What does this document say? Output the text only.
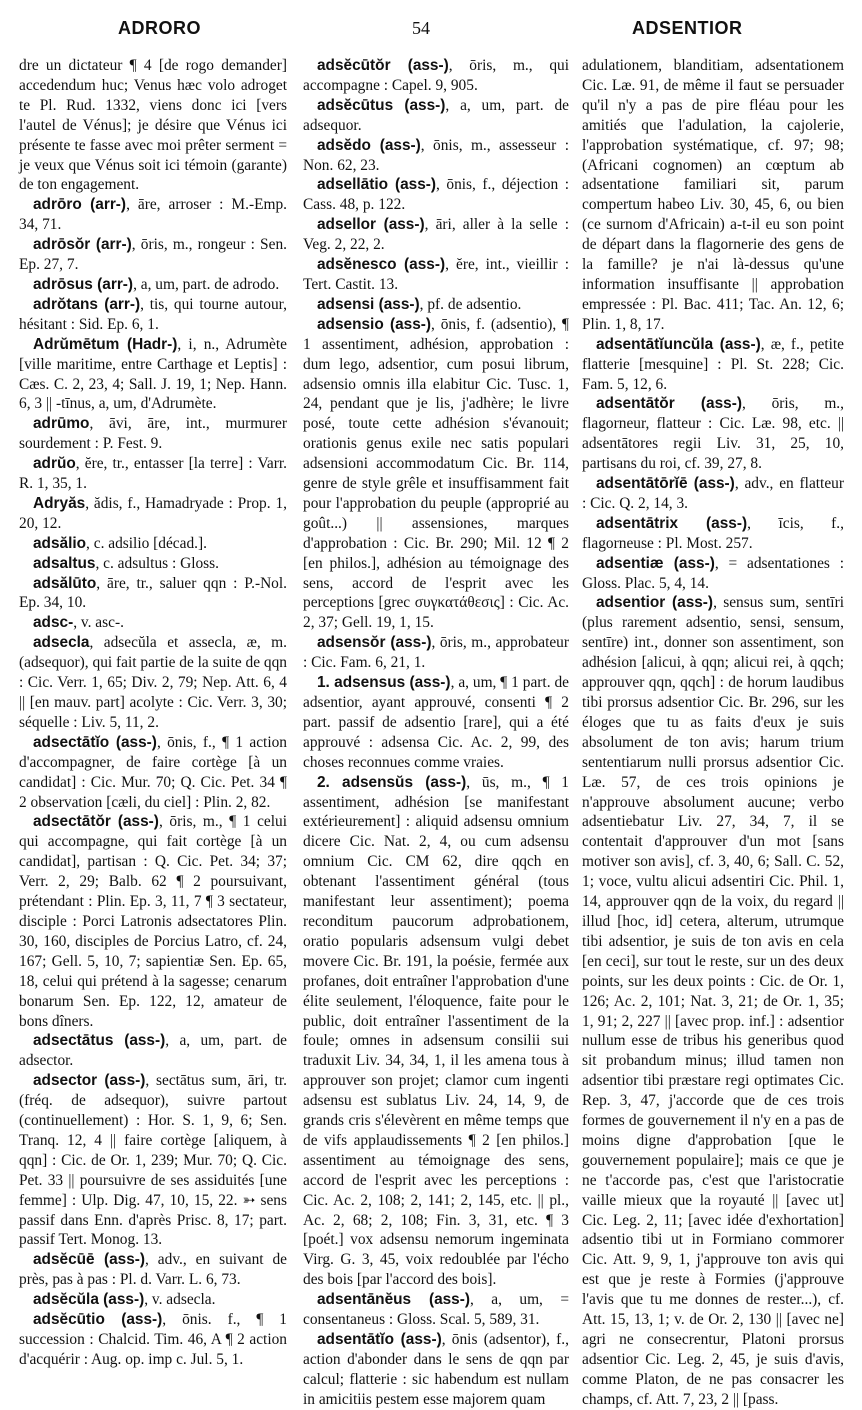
ADRORO	54	ADSENTIOR

dre un dictateur ¶ 4 [de rogo demander] accedendum huc; Venus hæc volo adroget te Pl. Rud. 1332, viens donc ici [vers l'autel de Vénus]; je désire que Vénus ici présente te fasse avec moi prêter serment = je veux que Vénus soit ici témoin (garante) de ton engagement.

adrōro (arr-), āre, arroser : M.-Emp. 34, 71.

adrōsŏr (arr-), ōris, m., rongeur : Sen. Ep. 27, 7.

adrōsus (arr-), a, um, part. de adrodo.

adrŏtans (arr-), tis, qui tourne autour, hésitant : Sid. Ep. 6, 1.

Adrŭmētum (Hadr-), i, n., Adrumète [ville maritime, entre Carthage et Leptis] : Cæs. C. 2, 23, 4; Sall. J. 19, 1; Nep. Hann. 6, 3 || -tīnus, a, um, d'Adrumète.

adrūmo, āvi, āre, int., murmurer sourdement : P. Fest. 9.

adrŭo, ĕre, tr., entasser [la terre] : Varr. R. 1, 35, 1.

Adryăs, ădis, f., Hamadryade : Prop. 1, 20, 12.

adsălio, c. adsilio [décad.].

adsaltus, c. adsultus : Gloss.

adsălūto, āre, tr., saluer qqn : P.-Nol. Ep. 34, 10.

adsc-, v. asc-.

adsecla, adsecŭla et assecla, æ, m. (adsequor), qui fait partie de la suite de qqn : Cic. Verr. 1, 65; Div. 2, 79; Nep. Att. 6, 4 || [en mauv. part] acolyte : Cic. Verr. 3, 30; séquelle : Liv. 5, 11, 2.

adsectātĭo (ass-), ōnis, f., ¶ 1 action d'accompagner, de faire cortège [à un candidat] : Cic. Mur. 70; Q. Cic. Pet. 34 ¶ 2 observation [cæli, du ciel] : Plin. 2, 82.

adsectātŏr (ass-), ōris, m., ¶ 1 celui qui accompagne, qui fait cortège [à un candidat], partisan : Q. Cic. Pet. 34; 37; Verr. 2, 29; Balb. 62 ¶ 2 poursuivant, prétendant : Plin. Ep. 3, 11, 7 ¶ 3 sectateur, disciple : Porci Latronis adsectatores Plin. 30, 160, disciples de Porcius Latro, cf. 24, 167; Gell. 5, 10, 7; sapientiæ Sen. Ep. 65, 18, celui qui prétend à la sagesse; cenarum bonarum Sen. Ep. 122, 12, amateur de bons dîners.

adsectātus (ass-), a, um, part. de adsector.

adsector (ass-), sectātus sum, āri, tr. (fréq. de adsequor), suivre partout (continuellement) : Hor. S. 1, 9, 6; Sen. Tranq. 12, 4 || faire cortège [aliquem, à qqn] : Cic. de Or. 1, 239; Mur. 70; Q. Cic. Pet. 33 || poursuivre de ses assiduités [une femme] : Ulp. Dig. 47, 10, 15, 22. ➳ sens passif dans Enn. d'après Prisc. 8, 17; part. passif Tert. Monog. 13.

adsĕcūē (ass-), adv., en suivant de près, pas à pas : Pl. d. Varr. L. 6, 73.

adsĕcŭla (ass-), v. adsecla.

adsĕcūtio (ass-), ōnis. f., ¶ 1 succession : Chalcid. Tim. 46, A ¶ 2 action d'acquérir : Aug. op. imp c. Jul. 5, 1.

adsĕcūtŏr (ass-), ōris, m., qui accompagne : Capel. 9, 905.

adsĕcūtus (ass-), a, um, part. de adsequor.

adsĕdo (ass-), ōnis, m., assesseur : Non. 62, 23.

adsellātio (ass-), ōnis, f., déjection : Cass. 48, p. 122.

adsellor (ass-), āri, aller à la selle : Veg. 2, 22, 2.

adsĕnesco (ass-), ĕre, int., vieillir : Tert. Castit. 13.

adsensi (ass-), pf. de adsentio.

adsensio (ass-), ōnis, f. (adsentio), ¶ 1 assentiment, adhésion, approbation : dum lego, adsentior, cum posui librum, adsensio omnis illa elabitur Cic. Tusc. 1, 24, pendant que je lis, j'adhère; le livre posé, toute cette adhésion s'évanouit; orationis genus exile nec satis populari adsensioni accommodatum Cic. Br. 114, genre de style grêle et insuffisamment fait pour l'approbation du peuple (approprié au goût...) || assensiones, marques d'approbation : Cic. Br. 290; Mil. 12 ¶ 2 [en philos.], adhésion au témoignage des sens, accord de l'esprit avec les perceptions [grec συγκατάθεσις] : Cic. Ac. 2, 37; Gell. 19, 1, 15.

adsensŏr (ass-), ōris, m., approbateur : Cic. Fam. 6, 21, 1.

1. adsensus (ass-), a, um, ¶ 1 part. de adsentior, ayant approuvé, consenti ¶ 2 part. passif de adsentio [rare], qui a été approuvé : adsensa Cic. Ac. 2, 99, des choses reconnues comme vraies.

2. adsensŭs (ass-), ūs, m., ¶ 1 assentiment, adhésion [se manifestant extérieurement] : aliquid adsensu omnium dicere Cic. Nat. 2, 4, ou cum adsensu omnium Cic. CM 62, dire qqch en obtenant l'assentiment général (tous manifestant leur assentiment); poema reconditum paucorum adprobationem, oratio popularis adsensum vulgi debet movere Cic. Br. 191, la poésie, fermée aux profanes, doit entraîner l'approbation d'une élite seulement, l'éloquence, faite pour le public, doit entraîner l'assentiment de la foule; omnes in adsensum consilii sui traduxit Liv. 34, 34, 1, il les amena tous à approuver son projet; clamor cum ingenti adsensu est sublatus Liv. 24, 14, 9, de grands cris s'élevèrent en même temps que de vifs applaudissements ¶ 2 [en philos.] assentiment au témoignage des sens, accord de l'esprit avec les perceptions : Cic. Ac. 2, 108; 2, 141; 2, 145, etc. || pl., Ac. 2, 68; 2, 108; Fin. 3, 31, etc. ¶ 3 [poét.] vox adsensu nemorum ingeminata Virg. G. 3, 45, voix redoublée par l'écho des bois [par l'accord des bois].

adsentānĕus (ass-), a, um, = consentaneus : Gloss. Scal. 5, 589, 31.

adsentātĭo (ass-), ōnis (adsentor), f., action d'abonder dans le sens de qqn par calcul; flatterie : sic habendum est nullam in amicitiis pestem esse majorem quam

adulationem, blanditiam, adsentationem Cic. Læ. 91, de même il faut se persuader qu'il n'y a pas de pire fléau pour les amitiés que l'adulation, la cajolerie, l'approbation systématique, cf. 97; 98; (Africani cognomen) an cœptum ab adsentatione familiari sit, parum compertum habeo Liv. 30, 45, 6, ou bien (ce surnom d'Africain) a-t-il eu son point de départ dans la flagornerie des gens de la famille? je n'ai là-dessus qu'une information insuffisante || approbation empressée : Pl. Bac. 411; Tac. An. 12, 6; Plin. 1, 8, 17.

adsentātĭuncŭla (ass-), æ, f., petite flatterie [mesquine] : Pl. St. 228; Cic. Fam. 5, 12, 6.

adsentātŏr (ass-), ōris, m., flagorneur, flatteur : Cic. Læ. 98, etc. || adsentātores regii Liv. 31, 25, 10, partisans du roi, cf. 39, 27, 8.

adsentātōrĭē (ass-), adv., en flatteur : Cic. Q. 2, 14, 3.

adsentātrix (ass-), īcis, f., flagorneuse : Pl. Most. 257.

adsentiæ (ass-), = adsentationes : Gloss. Plac. 5, 4, 14.

adsentior (ass-), sensus sum, sentīri (plus rarement adsentio, sensi, sensum, sentīre) int., donner son assentiment, son adhésion [alicui, à qqn; alicui rei, à qqch; approuver qqn, qqch] : de horum laudibus tibi prorsus adsentior Cic. Br. 296, sur les éloges que tu as faits d'eux je suis absolument de ton avis; harum trium sententiarum nulli prorsus adsentior Cic. Læ. 57, de ces trois opinions je n'approuve absolument aucune; verbo adsentiebatur Liv. 27, 34, 7, il se contentait d'approuver d'un mot [sans motiver son avis], cf. 3, 40, 6; Sall. C. 52, 1; voce, vultu alicui adsentiri Cic. Phil. 1, 14, approuver qqn de la voix, du regard || illud [hoc, id] cetera, alterum, utrumque tibi adsentior, je suis de ton avis en cela [en ceci], sur tout le reste, sur un des deux points, sur les deux points : Cic. de Or. 1, 126; Ac. 2, 101; Nat. 3, 21; de Or. 1, 35; 1, 91; 2, 227 || [avec prop. inf.] : adsentior nullum esse de tribus his generibus quod sit probandum minus; illud tamen non adsentior tibi præstare regi optimates Cic. Rep. 3, 47, j'accorde que de ces trois formes de gouvernement il n'y en a pas de moins digne d'approbation [que le gouvernement populaire]; mais ce que je ne t'accorde pas, c'est que l'aristocratie vaille mieux que la royauté || [avec ut] Cic. Leg. 2, 11; [avec idée d'exhortation] adsentio tibi ut in Formiano commorer Cic. Att. 9, 9, 1, j'approuve ton avis qui est que je reste à Formies (j'approuve l'avis que tu me donnes de rester...), cf. Att. 15, 13, 1; v. de Or. 2, 130 || [avec ne] agri ne consecrentur, Platoni prorsus adsentior Cic. Leg. 2, 45, je suis d'avis, comme Platon, de ne pas consacrer les champs, cf. Att. 7, 23, 2 || [pass.
